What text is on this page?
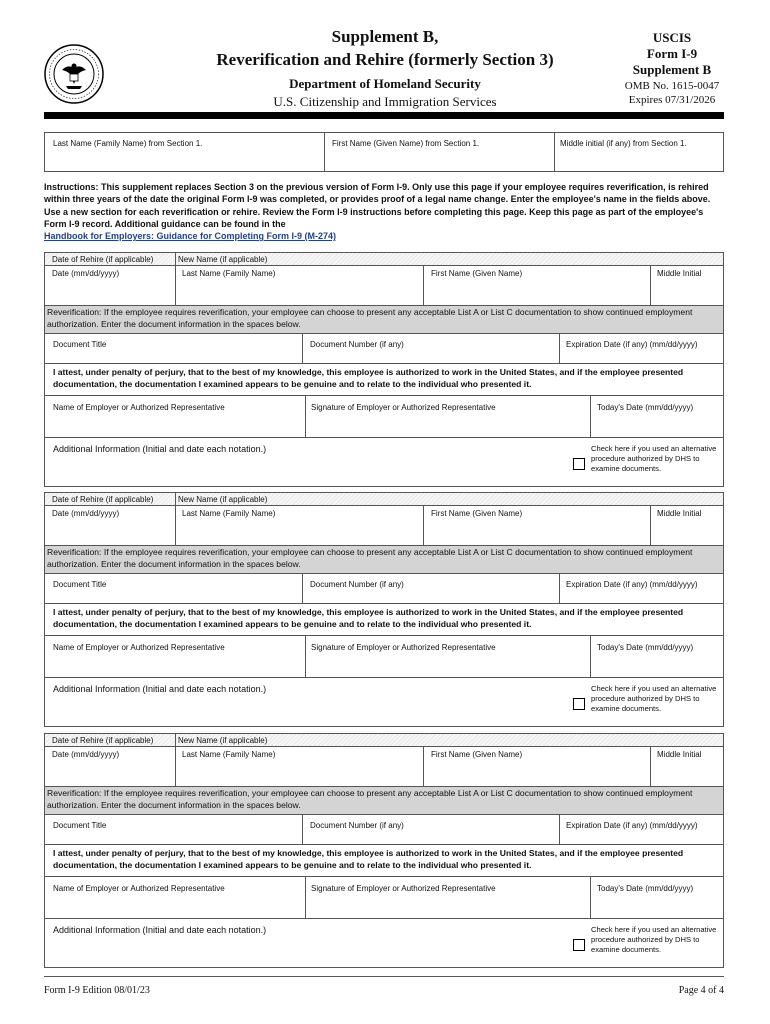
Supplement B,
Reverification and Rehire (formerly Section 3)
Department of Homeland Security
U.S. Citizenship and Immigration Services
USCIS
Form I-9
Supplement B
OMB No. 1615-0047
Expires 07/31/2026
Last Name (Family Name) from Section 1.	First Name (Given Name) from Section 1.	Middle initial (if any) from Section 1.
Instructions: This supplement replaces Section 3 on the previous version of Form I-9. Only use this page if your employee requires reverification, is rehired within three years of the date the original Form I-9 was completed, or provides proof of a legal name change. Enter the employee's name in the fields above. Use a new section for each reverification or rehire. Review the Form I-9 instructions before completing this page. Keep this page as part of the employee's Form I-9 record. Additional guidance can be found in the
Handbook for Employers: Guidance for Completing Form I-9 (M-274)
Date of Rehire (if applicable)	New Name (if applicable)
Date (mm/dd/yyyy)	Last Name (Family Name)	First Name (Given Name)	Middle Initial
Reverification: If the employee requires reverification, your employee can choose to present any acceptable List A or List C documentation to show continued employment authorization. Enter the document information in the spaces below.
Document Title	Document Number (if any)	Expiration Date (if any) (mm/dd/yyyy)
I attest, under penalty of perjury, that to the best of my knowledge, this employee is authorized to work in the United States, and if the employee presented documentation, the documentation I examined appears to be genuine and to relate to the individual who presented it.
Name of Employer or Authorized Representative	Signature of Employer or Authorized Representative	Today's Date (mm/dd/yyyy)
Additional Information (Initial and date each notation.)	Check here if you used an alternative procedure authorized by DHS to examine documents.
Date of Rehire (if applicable)	New Name (if applicable)
Date (mm/dd/yyyy)	Last Name (Family Name)	First Name (Given Name)	Middle Initial
Reverification: If the employee requires reverification, your employee can choose to present any acceptable List A or List C documentation to show continued employment authorization. Enter the document information in the spaces below.
Document Title	Document Number (if any)	Expiration Date (if any) (mm/dd/yyyy)
I attest, under penalty of perjury, that to the best of my knowledge, this employee is authorized to work in the United States, and if the employee presented documentation, the documentation I examined appears to be genuine and to relate to the individual who presented it.
Name of Employer or Authorized Representative	Signature of Employer or Authorized Representative	Today's Date (mm/dd/yyyy)
Additional Information (Initial and date each notation.)	Check here if you used an alternative procedure authorized by DHS to examine documents.
Date of Rehire (if applicable)	New Name (if applicable)
Date (mm/dd/yyyy)	Last Name (Family Name)	First Name (Given Name)	Middle Initial
Reverification: If the employee requires reverification, your employee can choose to present any acceptable List A or List C documentation to show continued employment authorization. Enter the document information in the spaces below.
Document Title	Document Number (if any)	Expiration Date (if any) (mm/dd/yyyy)
I attest, under penalty of perjury, that to the best of my knowledge, this employee is authorized to work in the United States, and if the employee presented documentation, the documentation I examined appears to be genuine and to relate to the individual who presented it.
Name of Employer or Authorized Representative	Signature of Employer or Authorized Representative	Today's Date (mm/dd/yyyy)
Additional Information (Initial and date each notation.)	Check here if you used an alternative procedure authorized by DHS to examine documents.
Form I-9 Edition 08/01/23	Page 4 of 4
